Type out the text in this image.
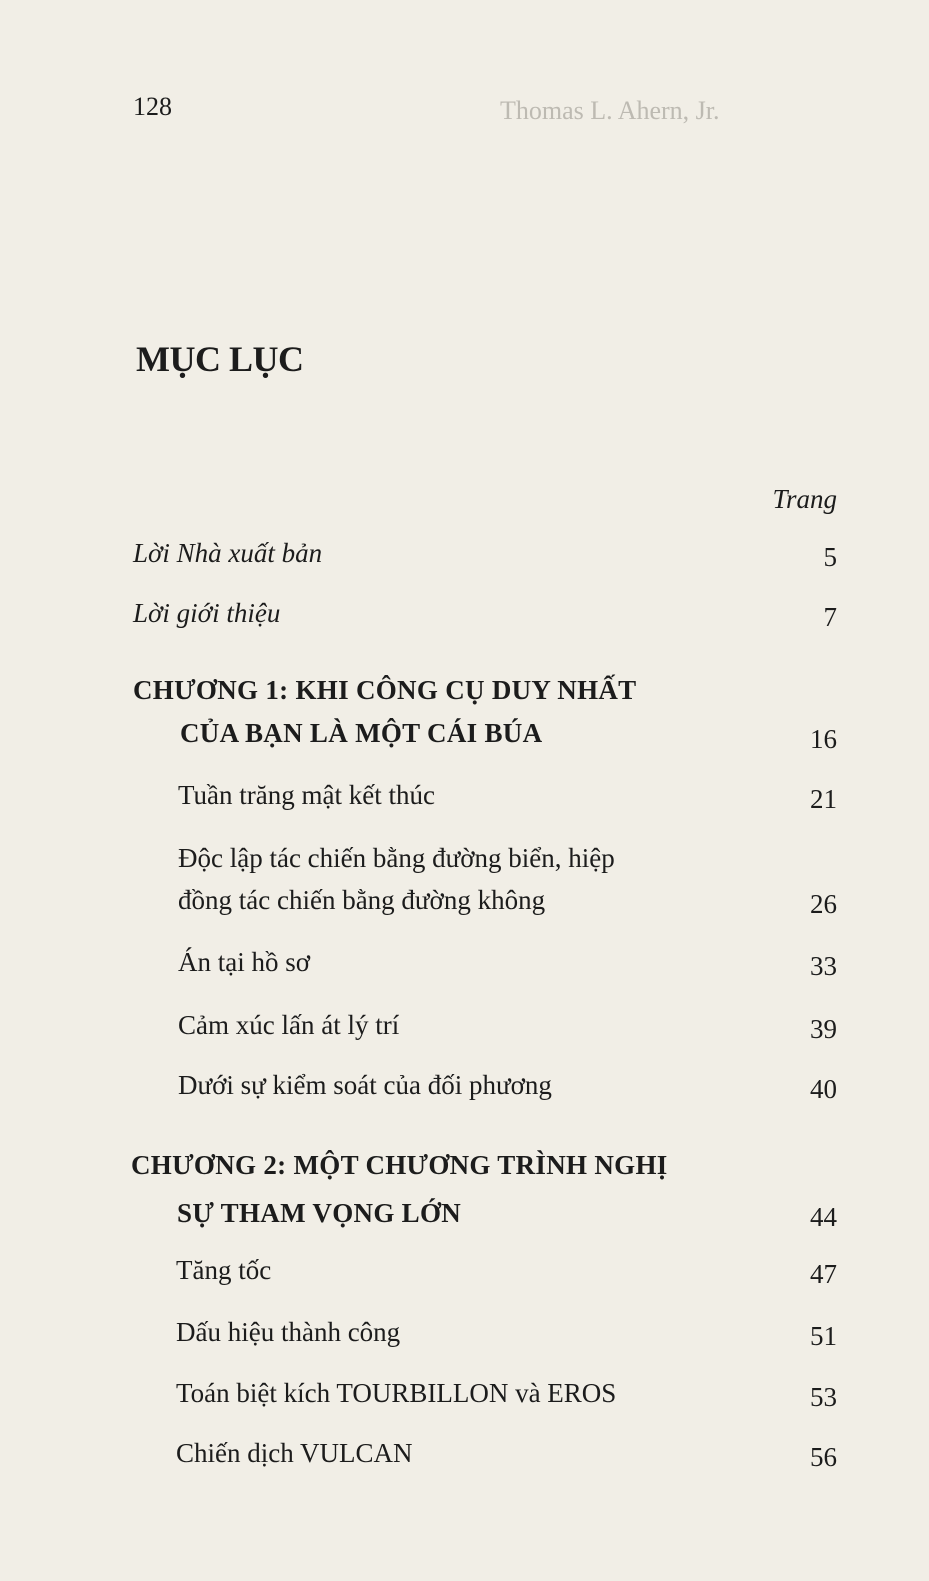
Thomas L. Ahern, Jr.
128
MỤC LỤC
Trang
Lời Nhà xuất bản	5
Lời giới thiệu	7
CHƯƠNG 1: KHI CÔNG CỤ DUY NHẤT
CỦA BẠN LÀ MỘT CÁI BÚA	16
Tuần trăng mật kết thúc	21
Độc lập tác chiến bằng đường biển, hiệp
đồng tác chiến bằng đường không	26
Án tại hồ sơ	33
Cảm xúc lấn át lý trí	39
Dưới sự kiểm soát của đối phương	40
CHƯƠNG 2: MỘT CHƯƠNG TRÌNH NGHỊ
SỰ THAM VỌNG LỚN	44
Tăng tốc	47
Dấu hiệu thành công	51
Toán biệt kích TOURBILLON và EROS	53
Chiến dịch VULCAN	56
